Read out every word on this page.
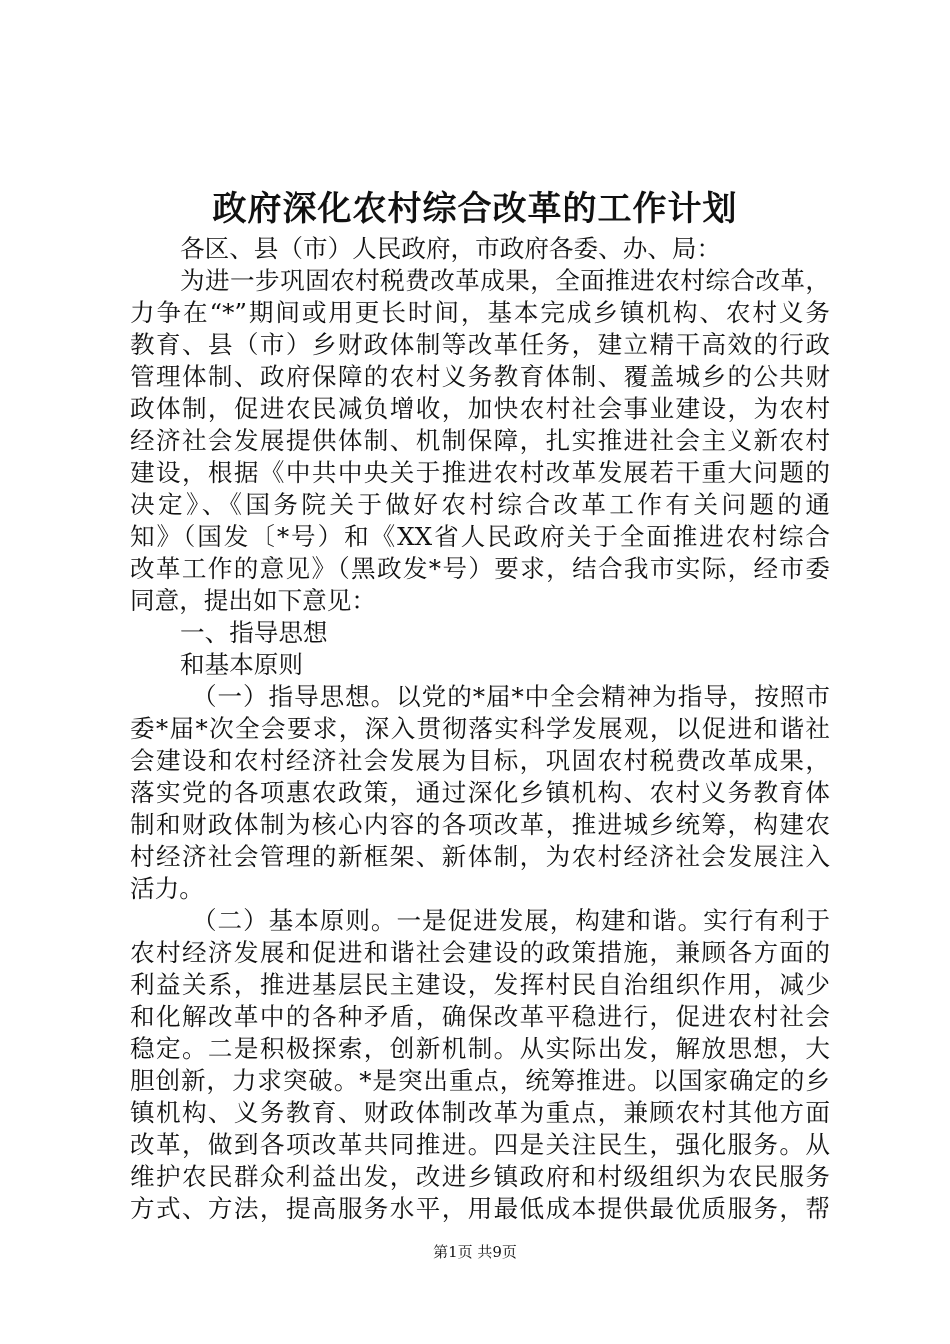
政府深化农村综合改革的工作计划
各区、县（市）人民政府，市政府各委、办、局：
为进一步巩固农村税费改革成果，全面推进农村综合改革，
力争在“*”期间或用更长时间，基本完成乡镇机构、农村义务
教育、县（市）乡财政体制等改革任务，建立精干高效的行政
管理体制、政府保障的农村义务教育体制、覆盖城乡的公共财
政体制，促进农民减负增收，加快农村社会事业建设，为农村
经济社会发展提供体制、机制保障，扎实推进社会主义新农村
建设，根据《中共中央关于推进农村改革发展若干重大问题的
决定》、《国务院关于做好农村综合改革工作有关问题的通
知》（国发〔*号）和《XX省人民政府关于全面推进农村综合
改革工作的意见》（黑政发*号）要求，结合我市实际，经市委
同意，提出如下意见：
一、指导思想
和基本原则
（一）指导思想。以党的*届*中全会精神为指导，按照市
委*届*次全会要求，深入贯彻落实科学发展观，以促进和谐社
会建设和农村经济社会发展为目标，巩固农村税费改革成果，
落实党的各项惠农政策，通过深化乡镇机构、农村义务教育体
制和财政体制为核心内容的各项改革，推进城乡统筹，构建农
村经济社会管理的新框架、新体制，为农村经济社会发展注入
活力。
（二）基本原则。一是促进发展，构建和谐。实行有利于
农村经济发展和促进和谐社会建设的政策措施，兼顾各方面的
利益关系，推进基层民主建设，发挥村民自治组织作用，减少
和化解改革中的各种矛盾，确保改革平稳进行，促进农村社会
稳定。二是积极探索，创新机制。从实际出发，解放思想，大
胆创新，力求突破。*是突出重点，统筹推进。以国家确定的乡
镇机构、义务教育、财政体制改革为重点，兼顾农村其他方面
改革，做到各项改革共同推进。四是关注民生，强化服务。从
维护农民群众利益出发，改进乡镇政府和村级组织为农民服务
方式、方法，提高服务水平，用最低成本提供最优质服务，帮
第1页 共9页
